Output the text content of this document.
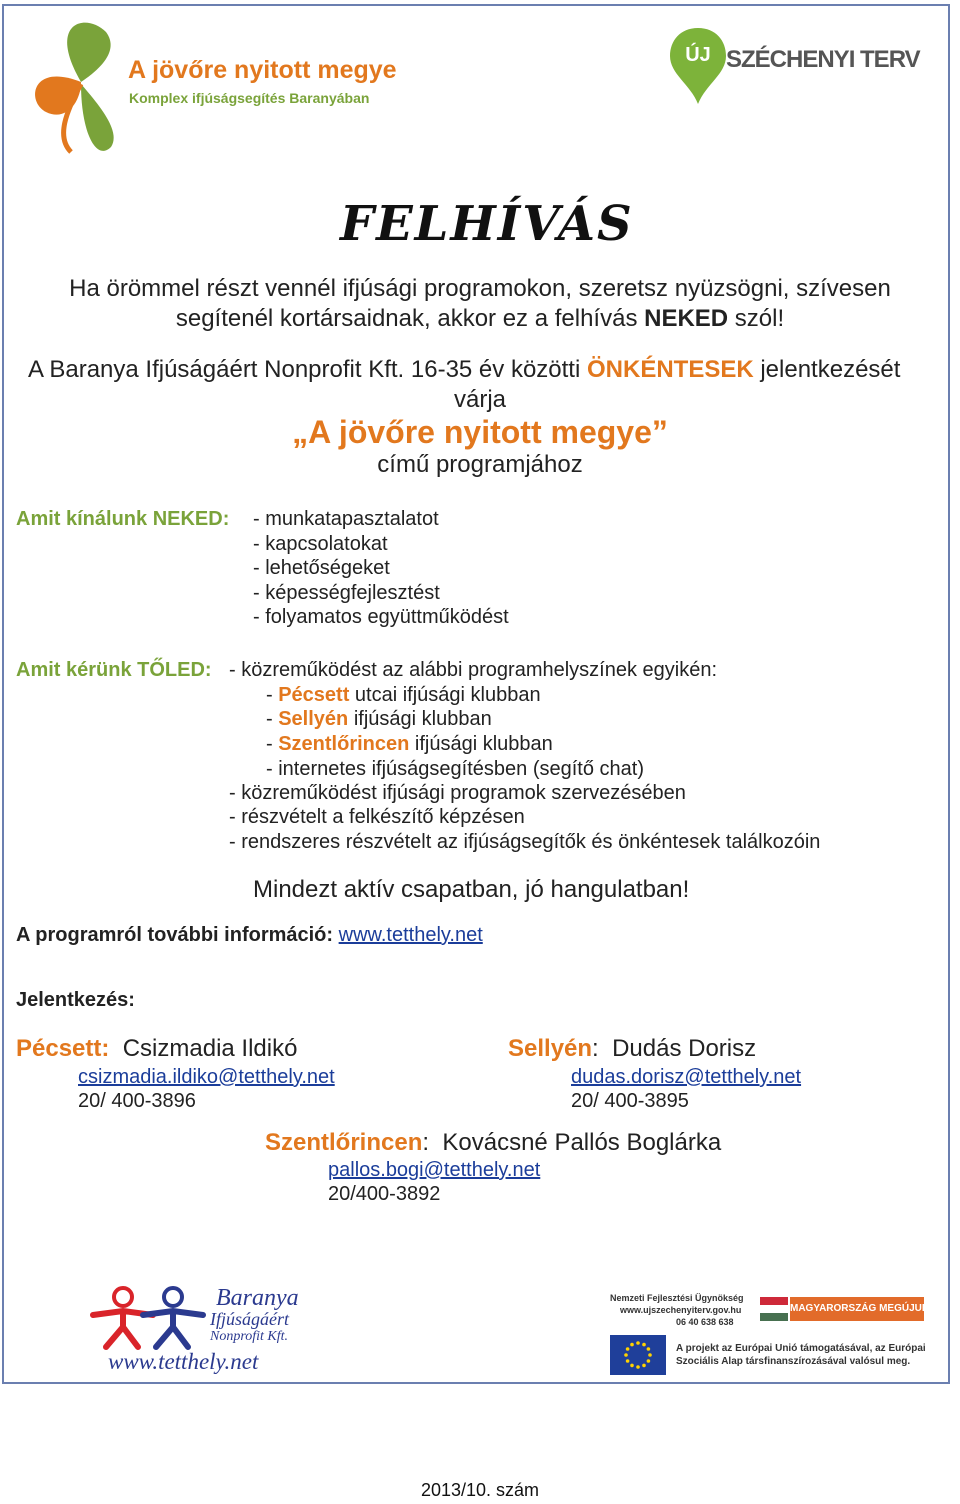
A jövőre nyitott megye
Komplex ifjúságsegítés Baranyában
ÚJ SZÉCHENYI TERV
FELHÍVÁS
Ha örömmel részt vennél ifjúsági programokon, szeretsz nyüzsögni, szívesen
segítenél kortársaidnak, akkor ez a felhívás NEKED szól!
A Baranya Ifjúságáért Nonprofit Kft. 16-35 év közötti ÖNKÉNTESEK jelentkezését
várja
„A jövőre nyitott megye”
című programjához
Amit kínálunk NEKED: - munkatapasztalatot
- kapcsolatokat
- lehetőségeket
- képességfejlesztést
- folyamatos együttműködést
Amit kérünk TŐLED: - közreműködést az alábbi programhelyszínek egyikén:
- Pécsett utcai ifjúsági klubban
- Sellyén ifjúsági klubban
- Szentlőrincen ifjúsági klubban
- internetes ifjúságsegítésben (segítő chat)
- közreműködést ifjúsági programok szervezésében
- részvételt a felkészítő képzésen
- rendszeres részvételt az ifjúságsegítők és önkéntesek találkozóin
Mindezt aktív csapatban, jó hangulatban!
A programról további információ: www.tetthely.net
Jelentkezés:
Pécsett: Csizmadia Ildikó
csizmadia.ildiko@tetthely.net
20/ 400-3896
Sellyén: Dudás Dorisz
dudas.dorisz@tetthely.net
20/ 400-3895
Szentlőrincen: Kovácsné Pallós Boglárka
pallos.bogi@tetthely.net
20/400-3892
Baranya
Ifjúságáért
Nonprofit Kft.
www.tetthely.net
Nemzeti Fejlesztési Ügynökség
www.ujszechenyiterv.gov.hu
06 40 638 638
MAGYARORSZÁG MEGÚJUL
A projekt az Európai Unió támogatásával, az Európai
Szociális Alap társfinanszírozásával valósul meg.
2013/10. szám
